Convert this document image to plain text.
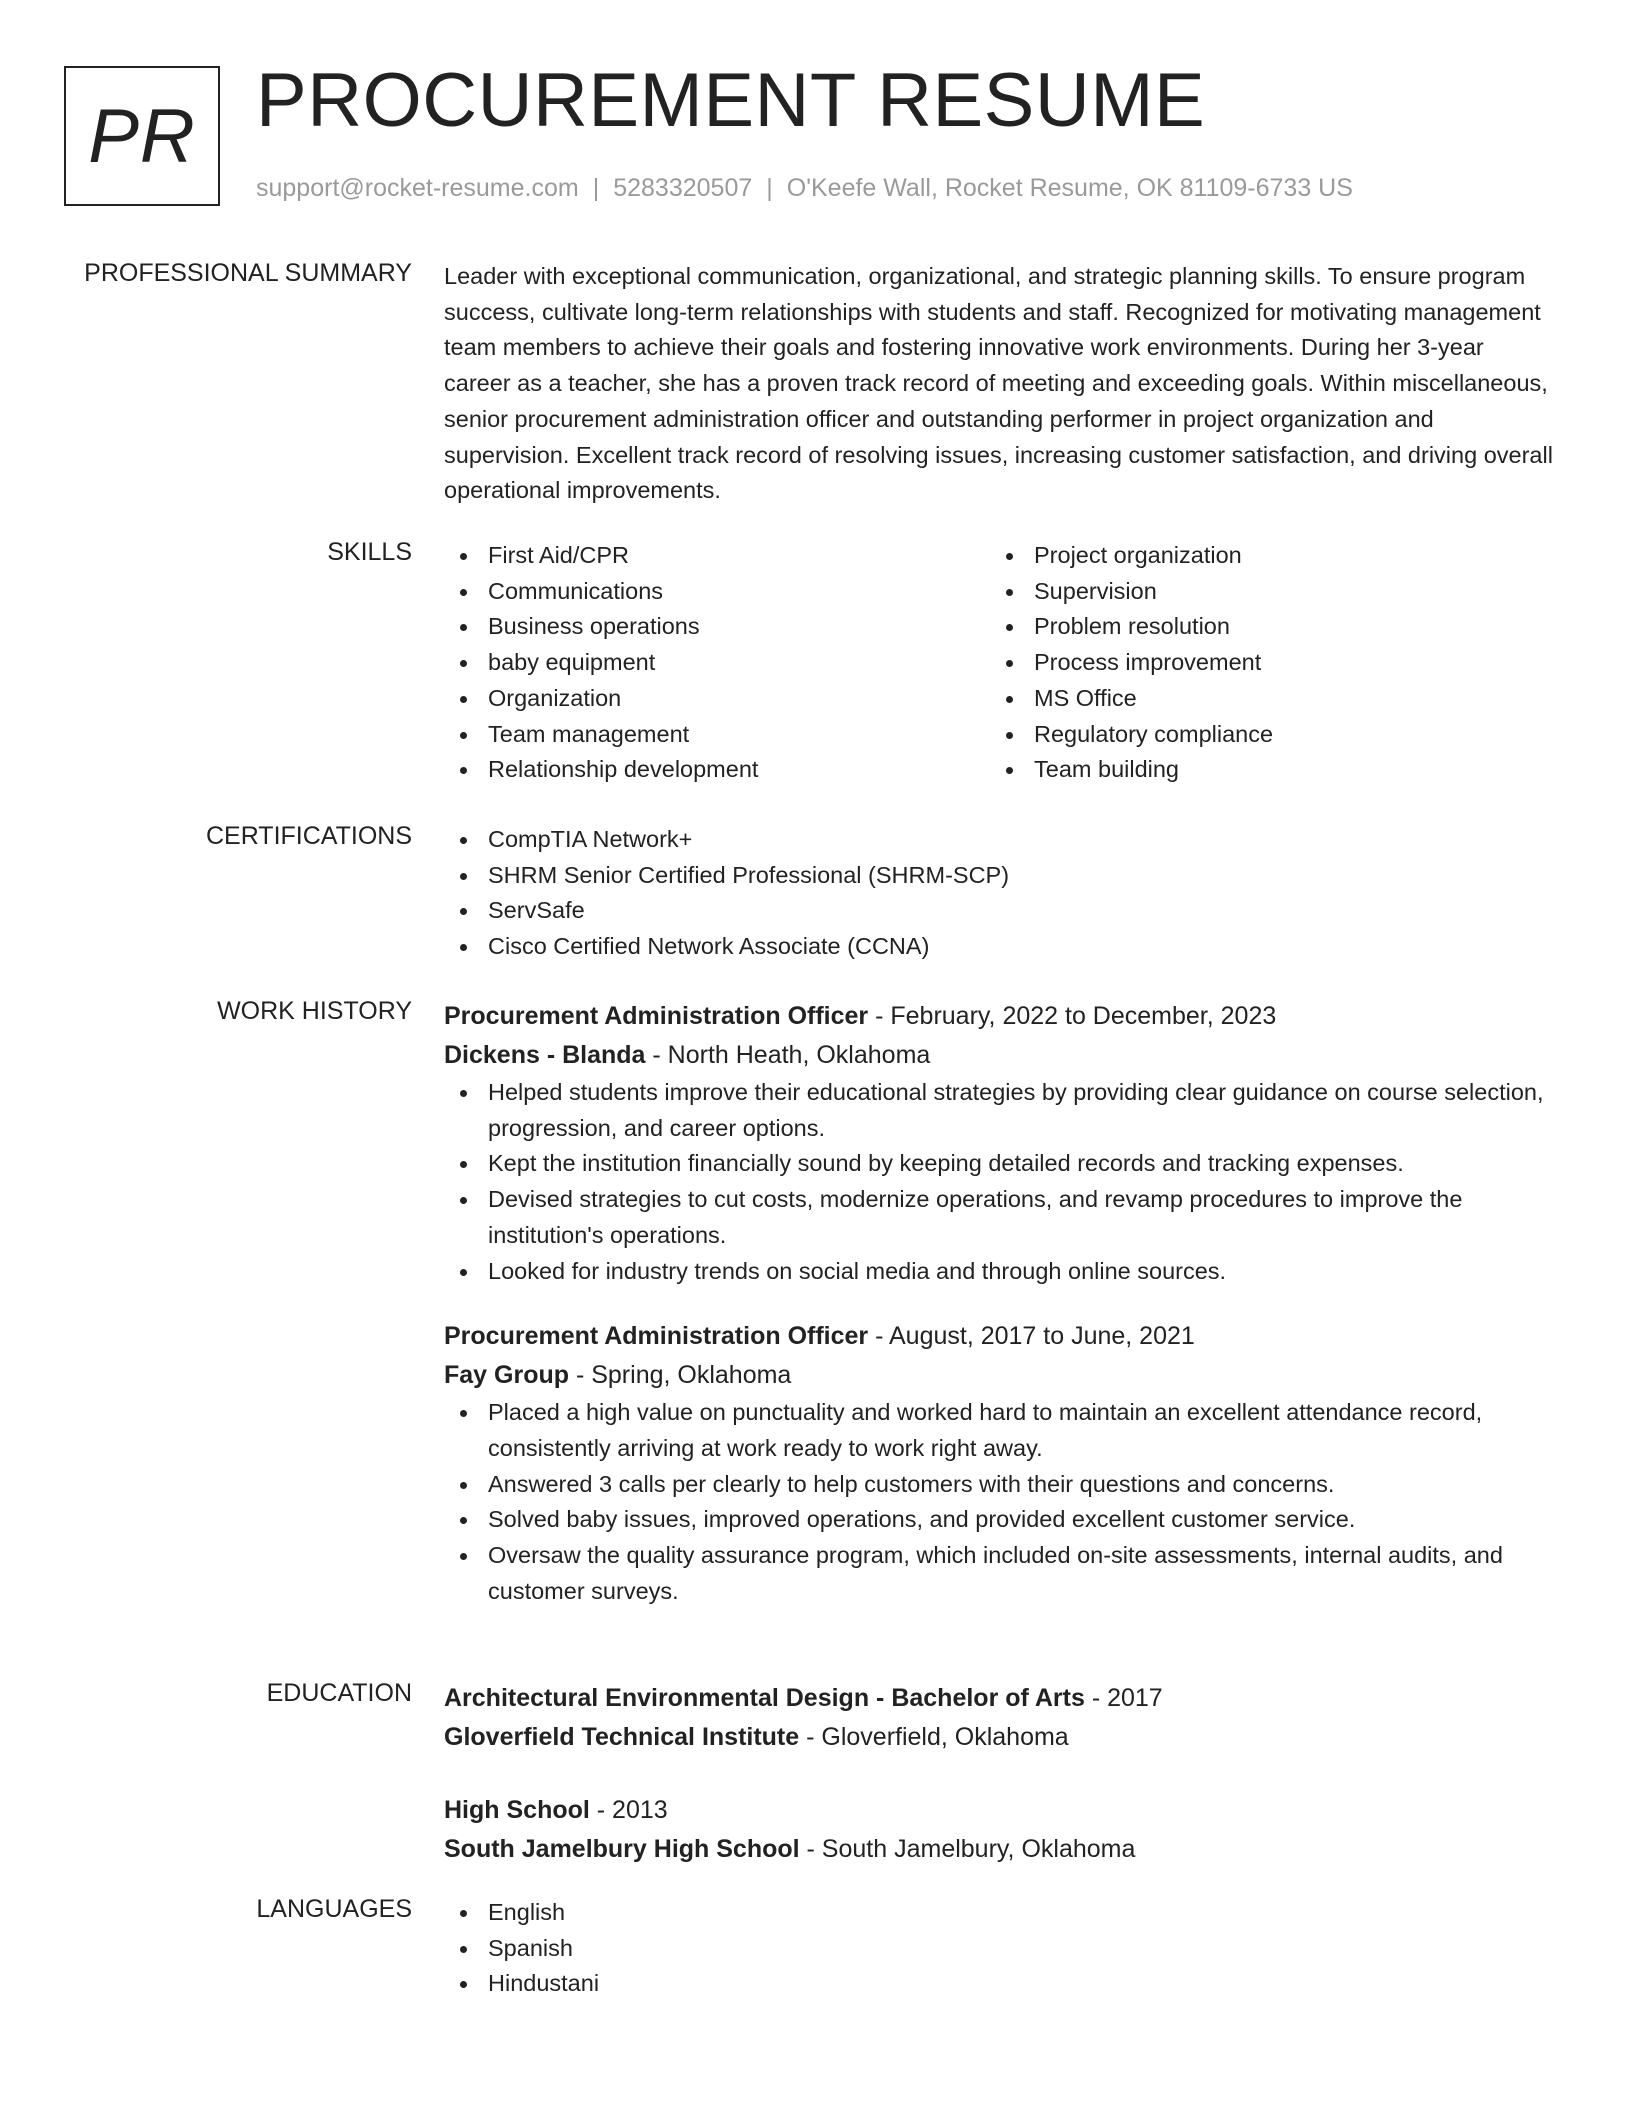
PR PROCUREMENT RESUME
support@rocket-resume.com | 5283320507 | O'Keefe Wall, Rocket Resume, OK 81109-6733 US
PROFESSIONAL SUMMARY Leader with exceptional communication, organizational, and strategic planning skills. To ensure program success, cultivate long-term relationships with students and staff. Recognized for motivating management team members to achieve their goals and fostering innovative work environments. During her 3-year career as a teacher, she has a proven track record of meeting and exceeding goals. Within miscellaneous, senior procurement administration officer and outstanding performer in project organization and supervision. Excellent track record of resolving issues, increasing customer satisfaction, and driving overall operational improvements.

SKILLS	First Aid/CPR
Communications
Business operations
baby equipment
Organization
Team management
Relationship development
Project organization
Supervision
Problem resolution
Process improvement
MS Office
Regulatory compliance
Team building
CERTIFICATIONS	CompTIA Network+
SHRM Senior Certified Professional (SHRM-SCP)
ServSafe
Cisco Certified Network Associate (CCNA)
WORK HISTORY Procurement Administration Officer - February, 2022 to December, 2023
Dickens - Blanda - North Heath, Oklahoma
Helped students improve their educational strategies by providing clear guidance on course selection, progression, and career options.
Kept the institution financially sound by keeping detailed records and tracking expenses.
Devised strategies to cut costs, modernize operations, and revamp procedures to improve the institution's operations.
Looked for industry trends on social media and through online sources.
Procurement Administration Officer - August, 2017 to June, 2021
Fay Group - Spring, Oklahoma
Placed a high value on punctuality and worked hard to maintain an excellent attendance record, consistently arriving at work ready to work right away.
Answered 3 calls per clearly to help customers with their questions and concerns.
Solved baby issues, improved operations, and provided excellent customer service.
Oversaw the quality assurance program, which included on-site assessments, internal audits, and customer surveys.
EDUCATION Architectural Environmental Design - Bachelor of Arts - 2017
Gloverfield Technical Institute - Gloverfield, Oklahoma
High School - 2013
South Jamelbury High School - South Jamelbury, Oklahoma
LANGUAGES	English
Spanish
Hindustani
